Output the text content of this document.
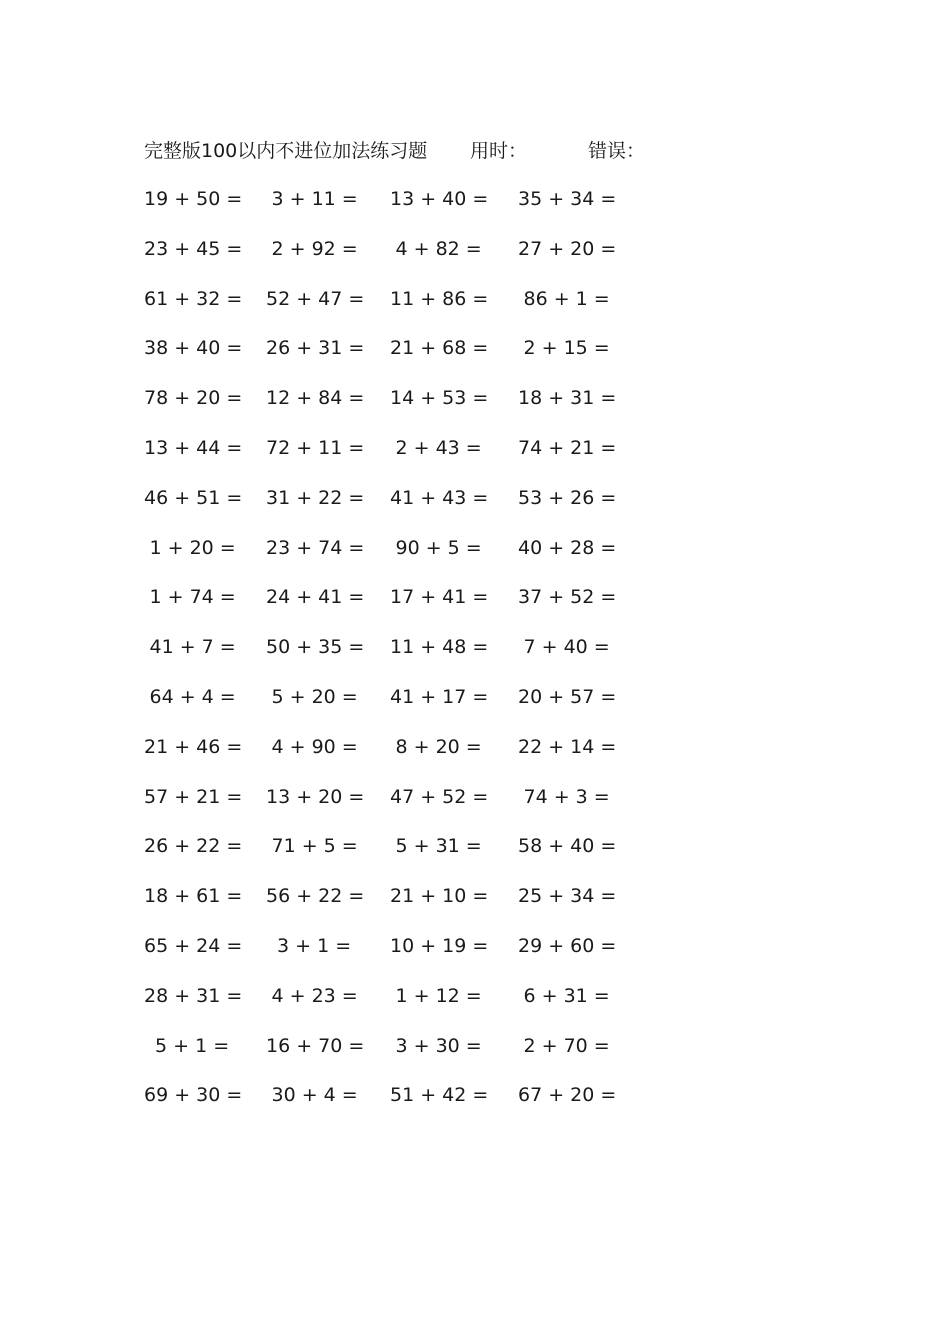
完整版100以内不进位加法练习题 用时：	错误：
19 + 50 =	3 + 11 =	13 + 40 =	35 + 34 =
23 + 45 =	2 + 92 =	4 + 82 =	27 + 20 =
61 + 32 =	52 + 47 =	11 + 86 =	86 + 1 =
38 + 40 =	26 + 31 =	21 + 68 =	2 + 15 =
78 + 20 =	12 + 84 =	14 + 53 =	18 + 31 =
13 + 44 =	72 + 11 =	2 + 43 =	74 + 21 =
46 + 51 =	31 + 22 =	41 + 43 =	53 + 26 =
1 + 20 =	23 + 74 =	90 + 5 =	40 + 28 =
1 + 74 =	24 + 41 =	17 + 41 =	37 + 52 =
41 + 7 =	50 + 35 =	11 + 48 =	7 + 40 =
64 + 4 =	5 + 20 =	41 + 17 =	20 + 57 =
21 + 46 =	4 + 90 =	8 + 20 =	22 + 14 =
57 + 21 =	13 + 20 =	47 + 52 =	74 + 3 =
26 + 22 =	71 + 5 =	5 + 31 =	58 + 40 =
18 + 61 =	56 + 22 =	21 + 10 =	25 + 34 =
65 + 24 =	3 + 1 =	10 + 19 =	29 + 60 =
28 + 31 =	4 + 23 =	1 + 12 =	6 + 31 =
5 + 1 =	16 + 70 =	3 + 30 =	2 + 70 =
69 + 30 =	30 + 4 =	51 + 42 =	67 + 20 =
